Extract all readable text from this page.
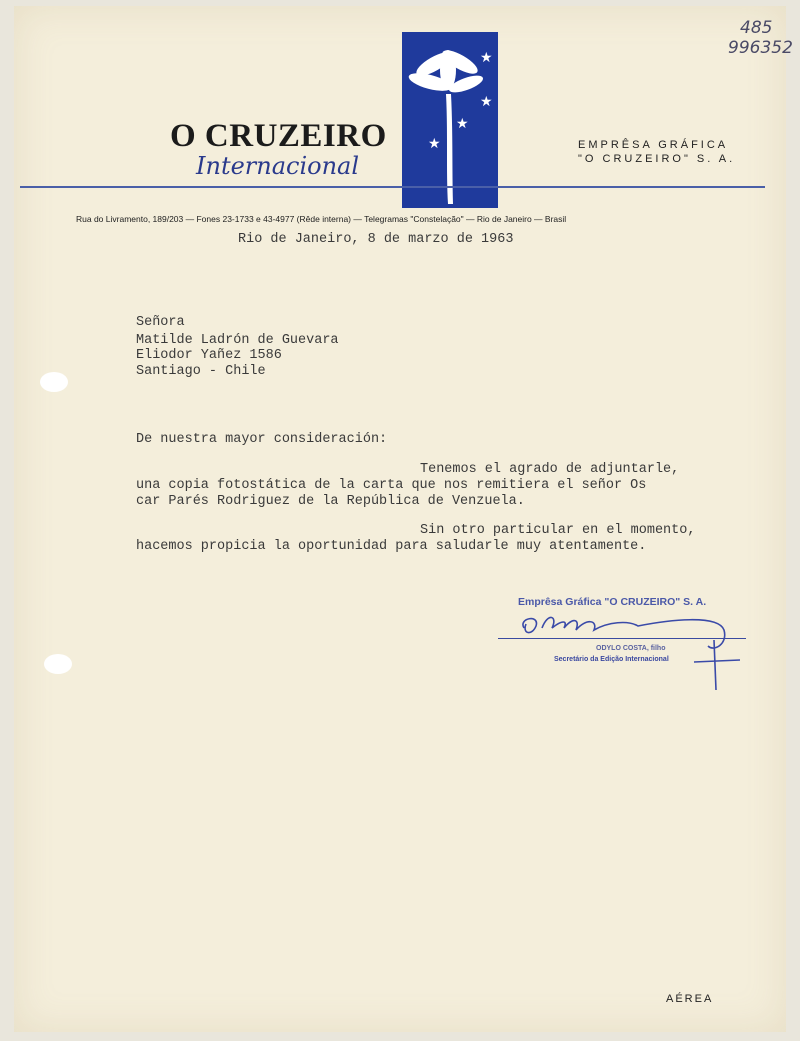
485
996352
O CRUZEIRO
Internacional
★
★
★
★	EMPRÊSA GRÁFICA
"O CRUZEIRO" S. A.
Rua do Livramento, 189/203 — Fones 23-1733 e 43-4977 (Rêde interna) — Telegramas "Constelação" — Rio de Janeiro — Brasil
Rio de Janeiro, 8 de marzo de 1963
Señora
Matilde Ladrón de Guevara
Eliodor Yañez 1586
Santiago - Chile
De nuestra mayor consideración:
Tenemos el agrado de adjuntarle,
una copia fotostática de la carta que nos remitiera el señor Os
car Parés Rodriguez de la República de Venzuela.
Sin otro particular en el momento,
hacemos propicia la oportunidad para saludarle muy atentamente.
Emprêsa Gráfica "O CRUZEIRO" S. A.
ODYLO COSTA, filho
Secretário da Edição Internacional
AÉREA
